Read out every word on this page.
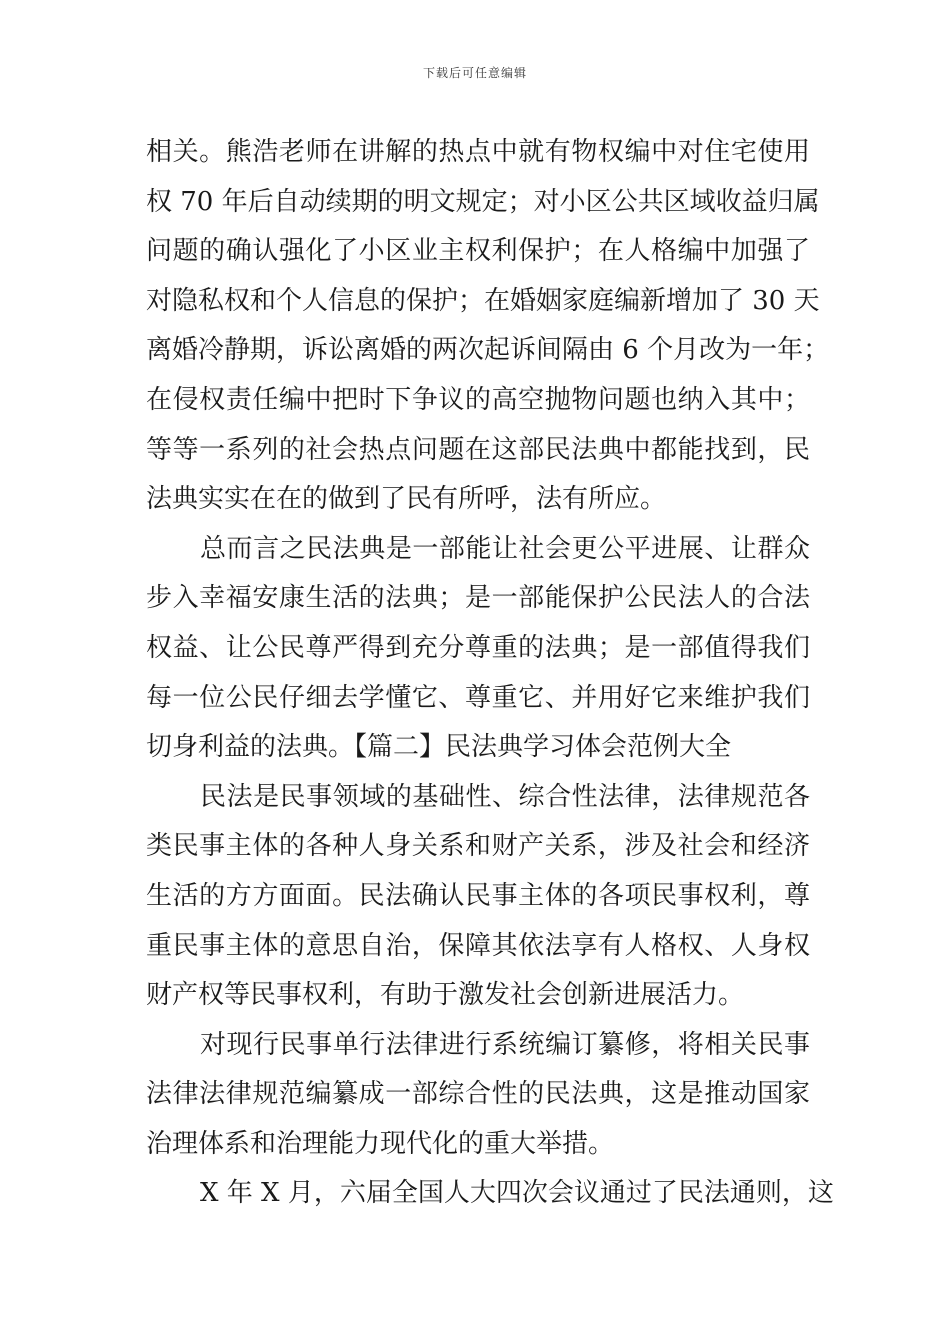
下载后可任意编辑
相关。熊浩老师在讲解的热点中就有物权编中对住宅使用
权 70 年后自动续期的明文规定；对小区公共区域收益归属
问题的确认强化了小区业主权利保护；在人格编中加强了
对隐私权和个人信息的保护；在婚姻家庭编新增加了 30 天
离婚冷静期，诉讼离婚的两次起诉间隔由 6 个月改为一年；
在侵权责任编中把时下争议的高空抛物问题也纳入其中；
等等一系列的社会热点问题在这部民法典中都能找到，民
法典实实在在的做到了民有所呼，法有所应。
总而言之民法典是一部能让社会更公平进展、让群众
步入幸福安康生活的法典；是一部能保护公民法人的合法
权益、让公民尊严得到充分尊重的法典；是一部值得我们
每一位公民仔细去学懂它、尊重它、并用好它来维护我们
切身利益的法典。【篇二】民法典学习体会范例大全
民法是民事领域的基础性、综合性法律，法律规范各
类民事主体的各种人身关系和财产关系，涉及社会和经济
生活的方方面面。民法确认民事主体的各项民事权利，尊
重民事主体的意思自治，保障其依法享有人格权、人身权
财产权等民事权利，有助于激发社会创新进展活力。
对现行民事单行法律进行系统编订纂修，将相关民事
法律法律规范编纂成一部综合性的民法典，这是推动国家
治理体系和治理能力现代化的重大举措。
X 年 X 月，六届全国人大四次会议通过了民法通则，这
